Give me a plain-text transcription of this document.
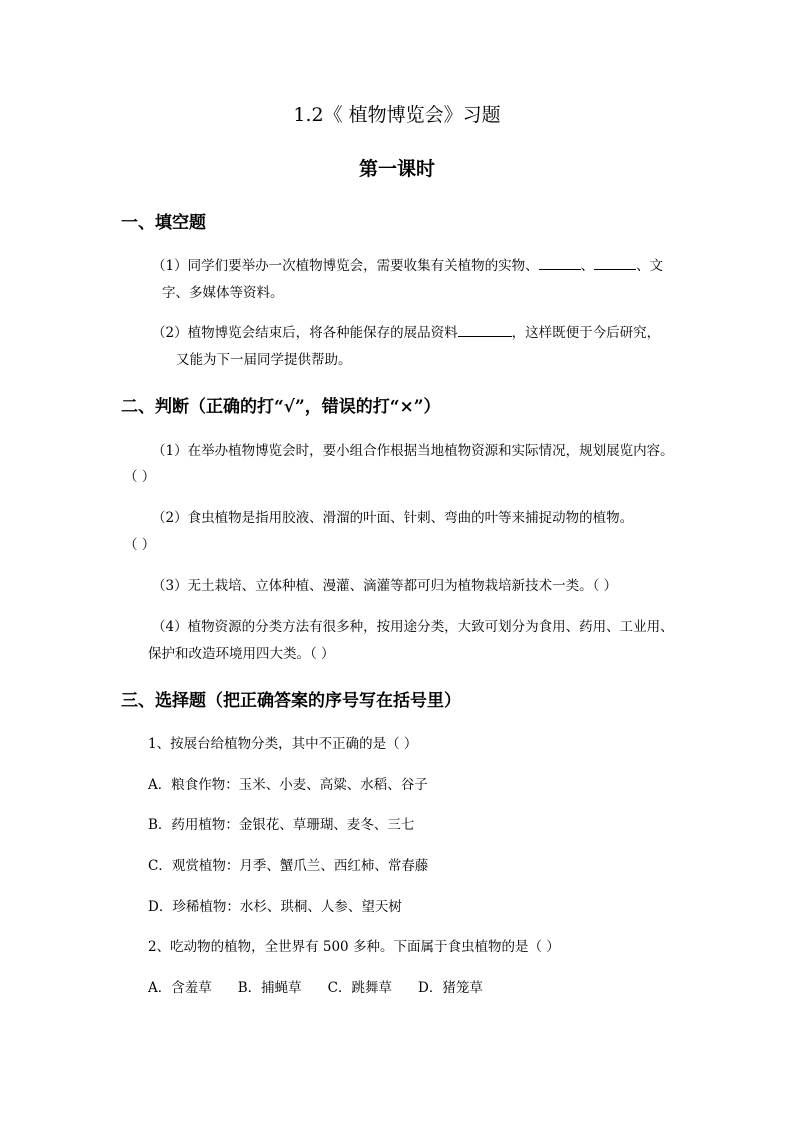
1.2《 植物博览会》习题
第一课时
一、填空题
（1）同学们要举办一次植物博览会，需要收集有关植物的实物、	、	、文
字、多媒体等资料。
（2）植物博览会结束后，将各种能保存的展品资料	，这样既便于今后研究，
又能为下一届同学提供帮助。
二、判断（正确的打“√”，错误的打“×”）
（1）在举办植物博览会时，要小组合作根据当地植物资源和实际情况，规划展览内容。
（ ）
（2）食虫植物是指用胶液、滑溜的叶面、针刺、弯曲的叶等来捕捉动物的植物。
（ ）
（3）无土栽培、立体种植、漫灌、滴灌等都可归为植物栽培新技术一类。（ ）
（4）植物资源的分类方法有很多种，按用途分类，大致可划分为食用、药用、工业用、
保护和改造环境用四大类。（ ）
三、选择题（把正确答案的序号写在括号里）
1、按展台给植物分类，其中不正确的是（ ）
A．粮食作物：玉米、小麦、高粱、水稻、谷子
B．药用植物：金银花、草珊瑚、麦冬、三七
C．观赏植物：月季、蟹爪兰、西红柿、常春藤
D．珍稀植物：水杉、珙桐、人参、望天树
2、吃动物的植物，全世界有 500 多种。下面属于食虫植物的是（ ）
A．含羞草 B．捕蝇草 C．跳舞草 D．猪笼草
